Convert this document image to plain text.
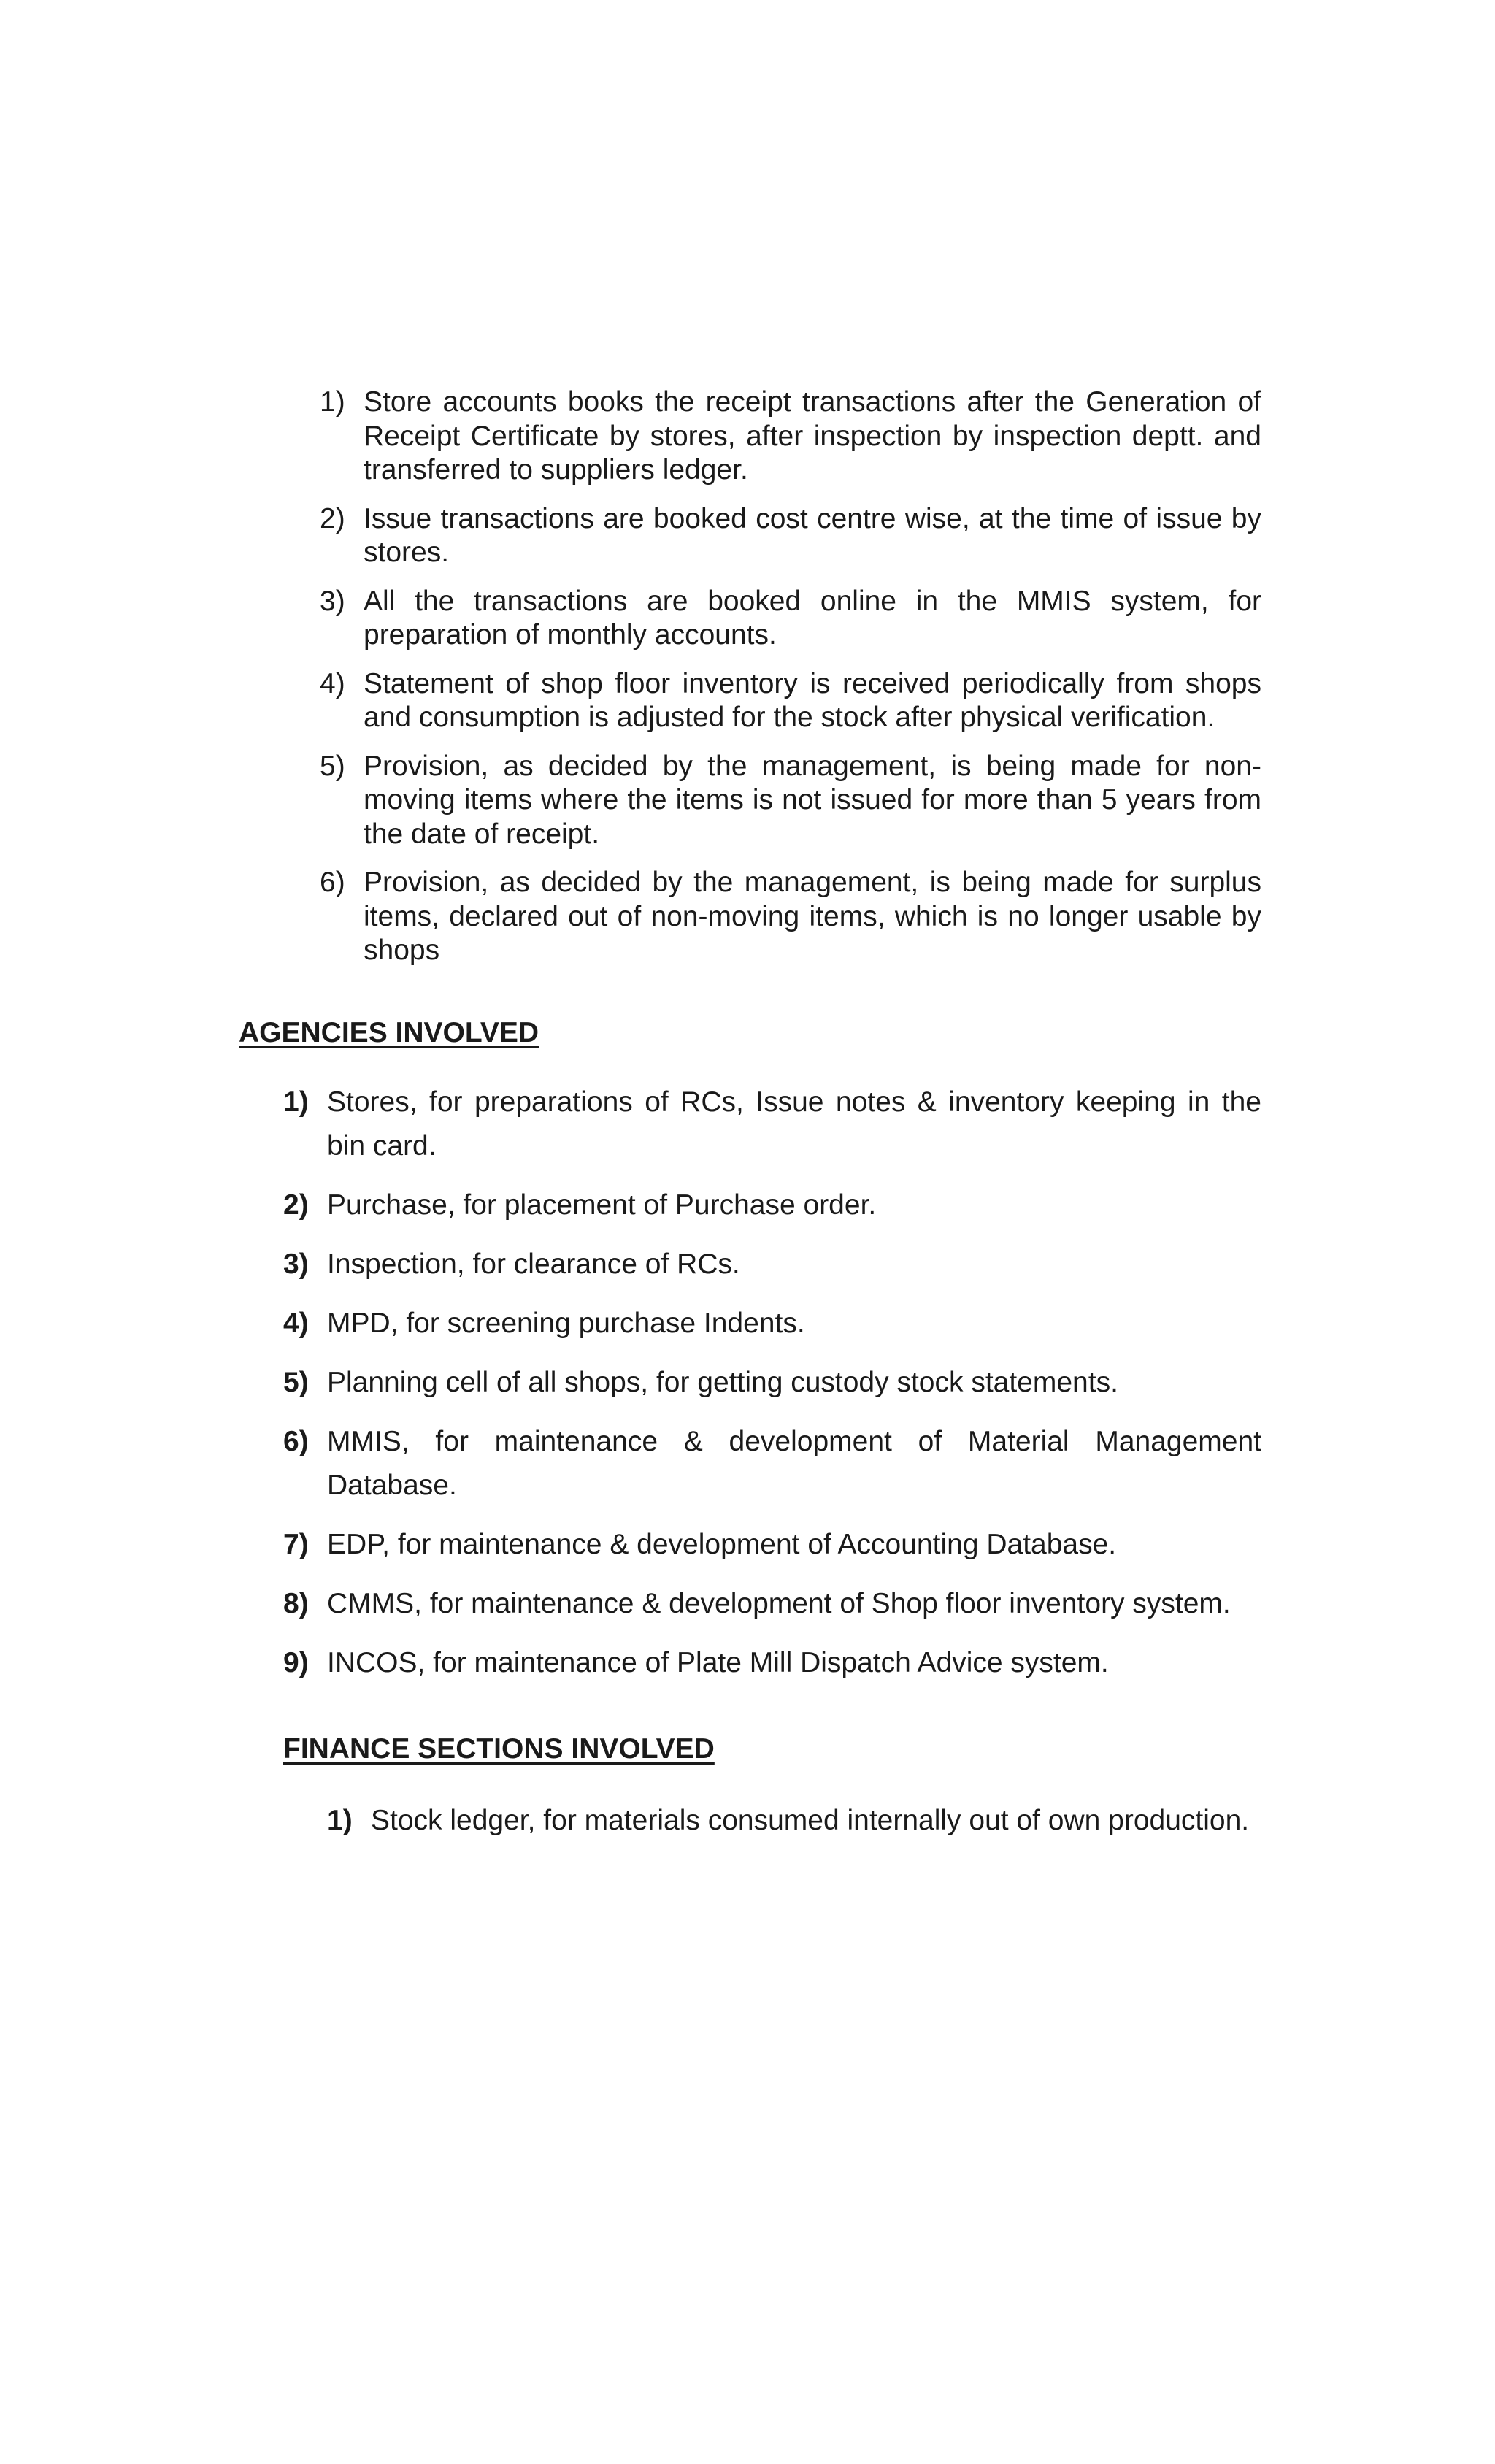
1) Store accounts books the receipt transactions after the Generation of Receipt Certificate by stores, after inspection by inspection deptt. and transferred to suppliers ledger.
2) Issue transactions are booked cost centre wise, at the time of issue by stores.
3) All the transactions are booked online in the MMIS system, for preparation of monthly accounts.
4) Statement of shop floor inventory is received periodically from shops and consumption is adjusted for the stock after physical verification.
5) Provision, as decided by the management, is being made for non-moving items where the items is not issued for more than 5 years from the date of receipt.
6) Provision, as decided by the management, is being made for surplus items, declared out of non-moving items, which is no longer usable by shops
AGENCIES INVOLVED
1) Stores, for preparations of RCs, Issue notes & inventory keeping in the bin card.
2) Purchase, for placement of Purchase order.
3) Inspection, for clearance of RCs.
4) MPD, for screening purchase Indents.
5) Planning cell of all shops, for getting custody stock statements.
6) MMIS, for maintenance & development of Material Management Database.
7) EDP, for maintenance & development of Accounting Database.
8) CMMS, for maintenance & development of Shop floor inventory system.
9) INCOS, for maintenance of Plate Mill Dispatch Advice system.
FINANCE SECTIONS INVOLVED
1) Stock ledger, for materials consumed internally out of own production.
